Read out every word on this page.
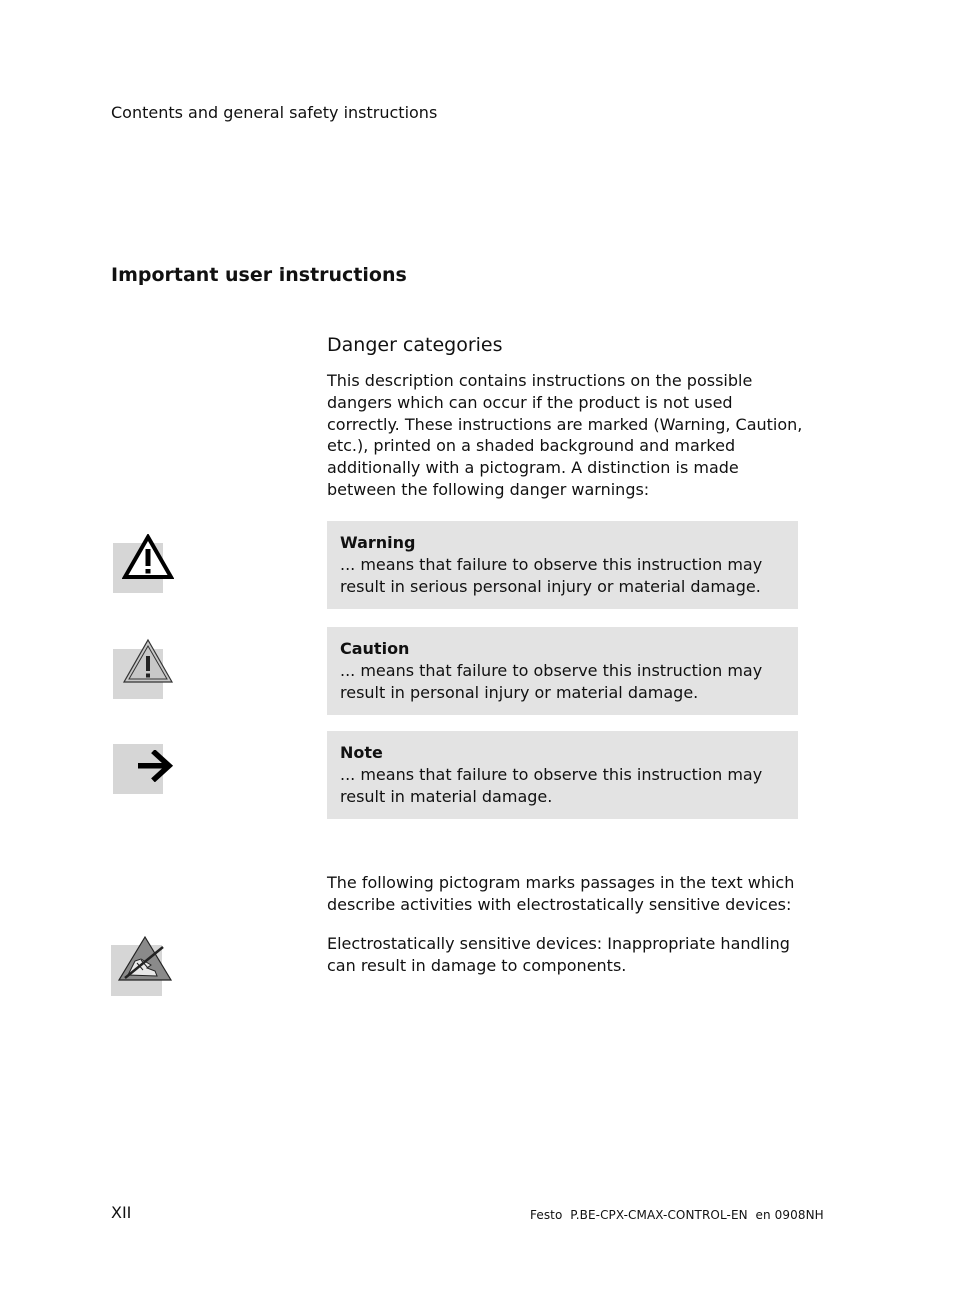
Contents and general safety instructions
Important user instructions
Danger categories
This description contains instructions on the possible dangers which can occur if the product is not used correctly. These instructions are marked (Warning, Caution, etc.), printed on a shaded background and marked additionally with a pictogram. A distinction is made between the following danger warnings:
Warning
... means that failure to observe this instruction may result in serious personal injury or material damage.
Caution
... means that failure to observe this instruction may result in personal injury or material damage.
Note
... means that failure to observe this instruction may result in material damage.
The following pictogram marks passages in the text which describe activities with electrostatically sensitive devices:
Electrostatically sensitive devices: Inappropriate handling can result in damage to components.
XII	Festo  P.BE-CPX-CMAX-CONTROL-EN  en 0908NH
